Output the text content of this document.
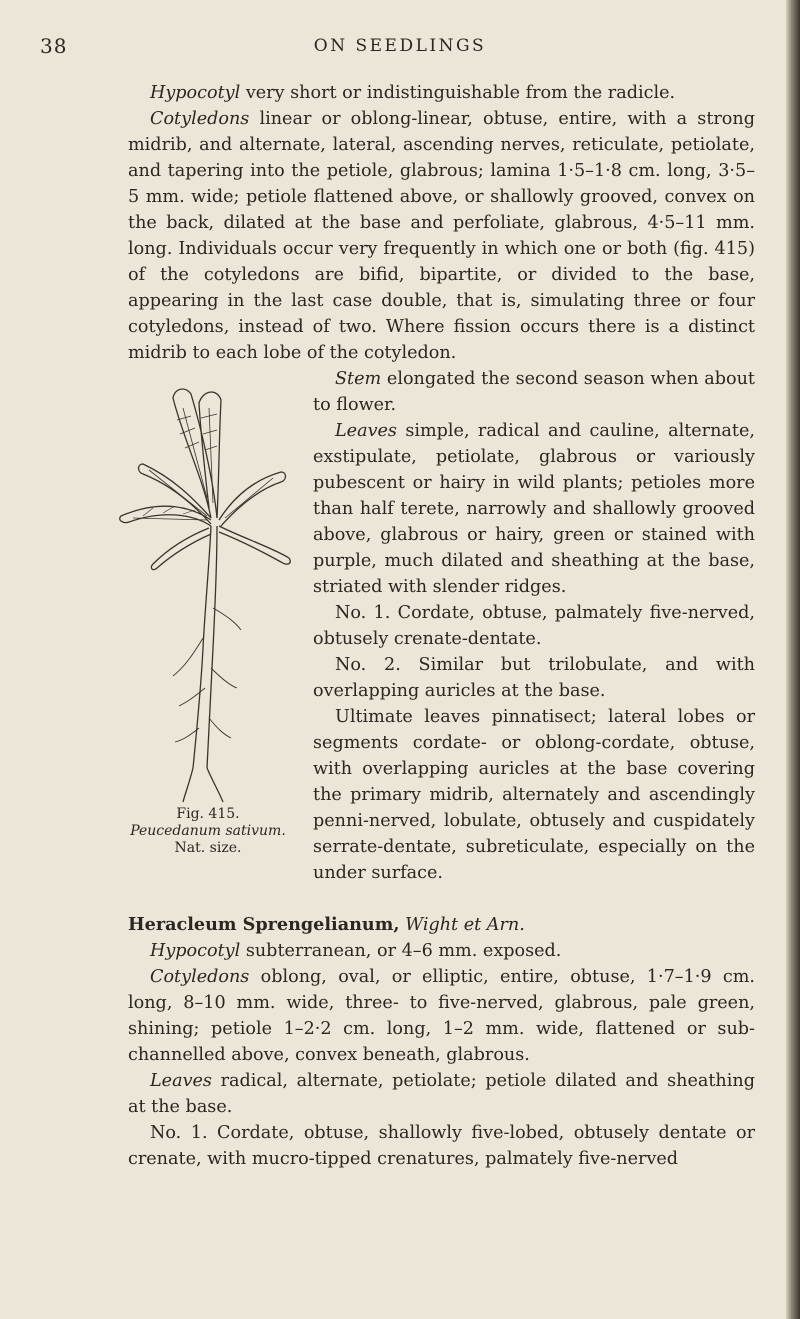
38	ON SEEDLINGS

Hypocotyl very short or indistinguishable from the radicle.

Cotyledons linear or oblong-linear, obtuse, entire, with a strong midrib, and alternate, lateral, ascending nerves, reticulate, petiolate, and tapering into the petiole, glabrous; lamina 1·5–1·8 cm. long, 3·5–5 mm. wide; petiole flattened above, or shallowly grooved, convex on the back, dilated at the base and perfoliate, glabrous, 4·5–11 mm. long. Individuals occur very frequently in which one or both (fig. 415) of the cotyledons are bifid, bipartite, or divided to the base, appearing in the last case double, that is, simulating three or four cotyledons, instead of two. Where fission occurs there is a distinct midrib to each lobe of the cotyledon.

Fig. 415.
Peucedanum sativum.
Nat. size.

Stem elongated the second season when about to flower.

Leaves simple, radical and cauline, alternate, exstipulate, petiolate, glabrous or variously pubescent or hairy in wild plants; petioles more than half terete, narrowly and shallowly grooved above, glabrous or hairy, green or stained with purple, much dilated and sheathing at the base, striated with slender ridges.

No. 1. Cordate, obtuse, palmately five-nerved, obtusely crenate-dentate.

No. 2. Similar but trilobulate, and with overlapping auricles at the base.

Ultimate leaves pinnatisect; lateral lobes or segments cordate- or oblong-cordate, obtuse, with overlapping auricles at the base covering the primary midrib, alternately and ascendingly penni-nerved, lobulate, obtusely and cuspidately serrate-dentate, subreticulate, especially on the under surface.

Heracleum Sprengelianum, Wight et Arn.

Hypocotyl subterranean, or 4–6 mm. exposed.

Cotyledons oblong, oval, or elliptic, entire, obtuse, 1·7–1·9 cm. long, 8–10 mm. wide, three- to five-nerved, glabrous, pale green, shining; petiole 1–2·2 cm. long, 1–2 mm. wide, flattened or sub-channelled above, convex beneath, glabrous.

Leaves radical, alternate, petiolate; petiole dilated and sheathing at the base.

No. 1. Cordate, obtuse, shallowly five-lobed, obtusely dentate or crenate, with mucro-tipped crenatures, palmately five-nerved
